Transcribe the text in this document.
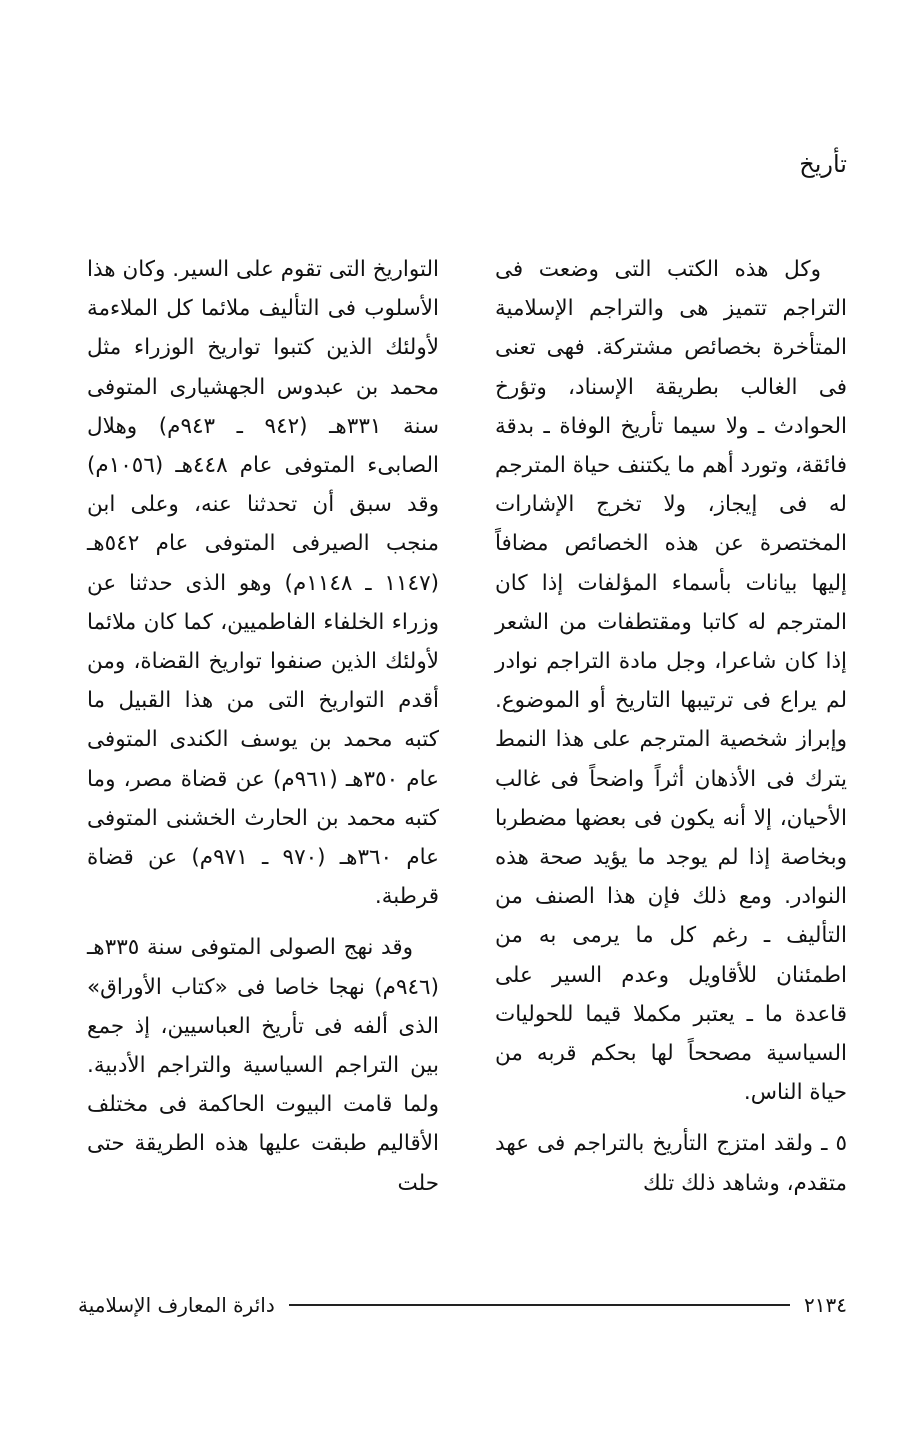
تأريخ

وكل هذه الكتب التى وضعت فى التراجم تتميز هى والتراجم الإسلامية المتأخرة بخصائص مشتركة. فهى تعنى فى الغالب بطريقة الإسناد، وتؤرخ الحوادث ـ ولا سيما تأريخ الوفاة ـ بدقة فائقة، وتورد أهم ما يكتنف حياة المترجم له فى إيجاز، ولا تخرج الإشارات المختصرة عن هذه الخصائص مضافاً إليها بيانات بأسماء المؤلفات إذا كان المترجم له كاتبا ومقتطفات من الشعر إذا كان شاعرا، وجل مادة التراجم نوادر لم يراع فى ترتيبها التاريخ أو الموضوع. وإبراز شخصية المترجم على هذا النمط يترك فى الأذهان أثراً واضحاً فى غالب الأحيان، إلا أنه يكون فى بعضها مضطربا وبخاصة إذا لم يوجد ما يؤيد صحة هذه النوادر. ومع ذلك فإن هذا الصنف من التأليف ـ رغم كل ما يرمى به من اطمئنان للأقاويل وعدم السير على قاعدة ما ـ يعتبر مكملا قيما للحوليات السياسية مصححاً لها بحكم قربه من حياة الناس.

٥ ـ ولقد امتزج التأريخ بالتراجم فى عهد متقدم، وشاهد ذلك تلك

التواريخ التى تقوم على السير. وكان هذا الأسلوب فى التأليف ملائما كل الملاءمة لأولئك الذين كتبوا تواريخ الوزراء مثل محمد بن عبدوس الجهشيارى المتوفى سنة ٣٣١هـ (٩٤٢ ـ ٩٤٣م) وهلال الصابىء المتوفى عام ٤٤٨هـ (١٠٥٦م) وقد سبق أن تحدثنا عنه، وعلى ابن منجب الصيرفى المتوفى عام ٥٤٢هـ (١١٤٧ ـ ١١٤٨م) وهو الذى حدثنا عن وزراء الخلفاء الفاطميين، كما كان ملائما لأولئك الذين صنفوا تواريخ القضاة، ومن أقدم التواريخ التى من هذا القبيل ما كتبه محمد بن يوسف الكندى المتوفى عام ٣٥٠هـ (٩٦١م) عن قضاة مصر، وما كتبه محمد بن الحارث الخشنى المتوفى عام ٣٦٠هـ (٩٧٠ ـ ٩٧١م) عن قضاة قرطبة.

وقد نهج الصولى المتوفى سنة ٣٣٥هـ (٩٤٦م) نهجا خاصا فى «كتاب الأوراق» الذى ألفه فى تأريخ العباسيين، إذ جمع بين التراجم السياسية والتراجم الأدبية. ولما قامت البيوت الحاكمة فى مختلف الأقاليم طبقت عليها هذه الطريقة حتى حلت

٢١٣٤
دائرة المعارف الإسلامية
